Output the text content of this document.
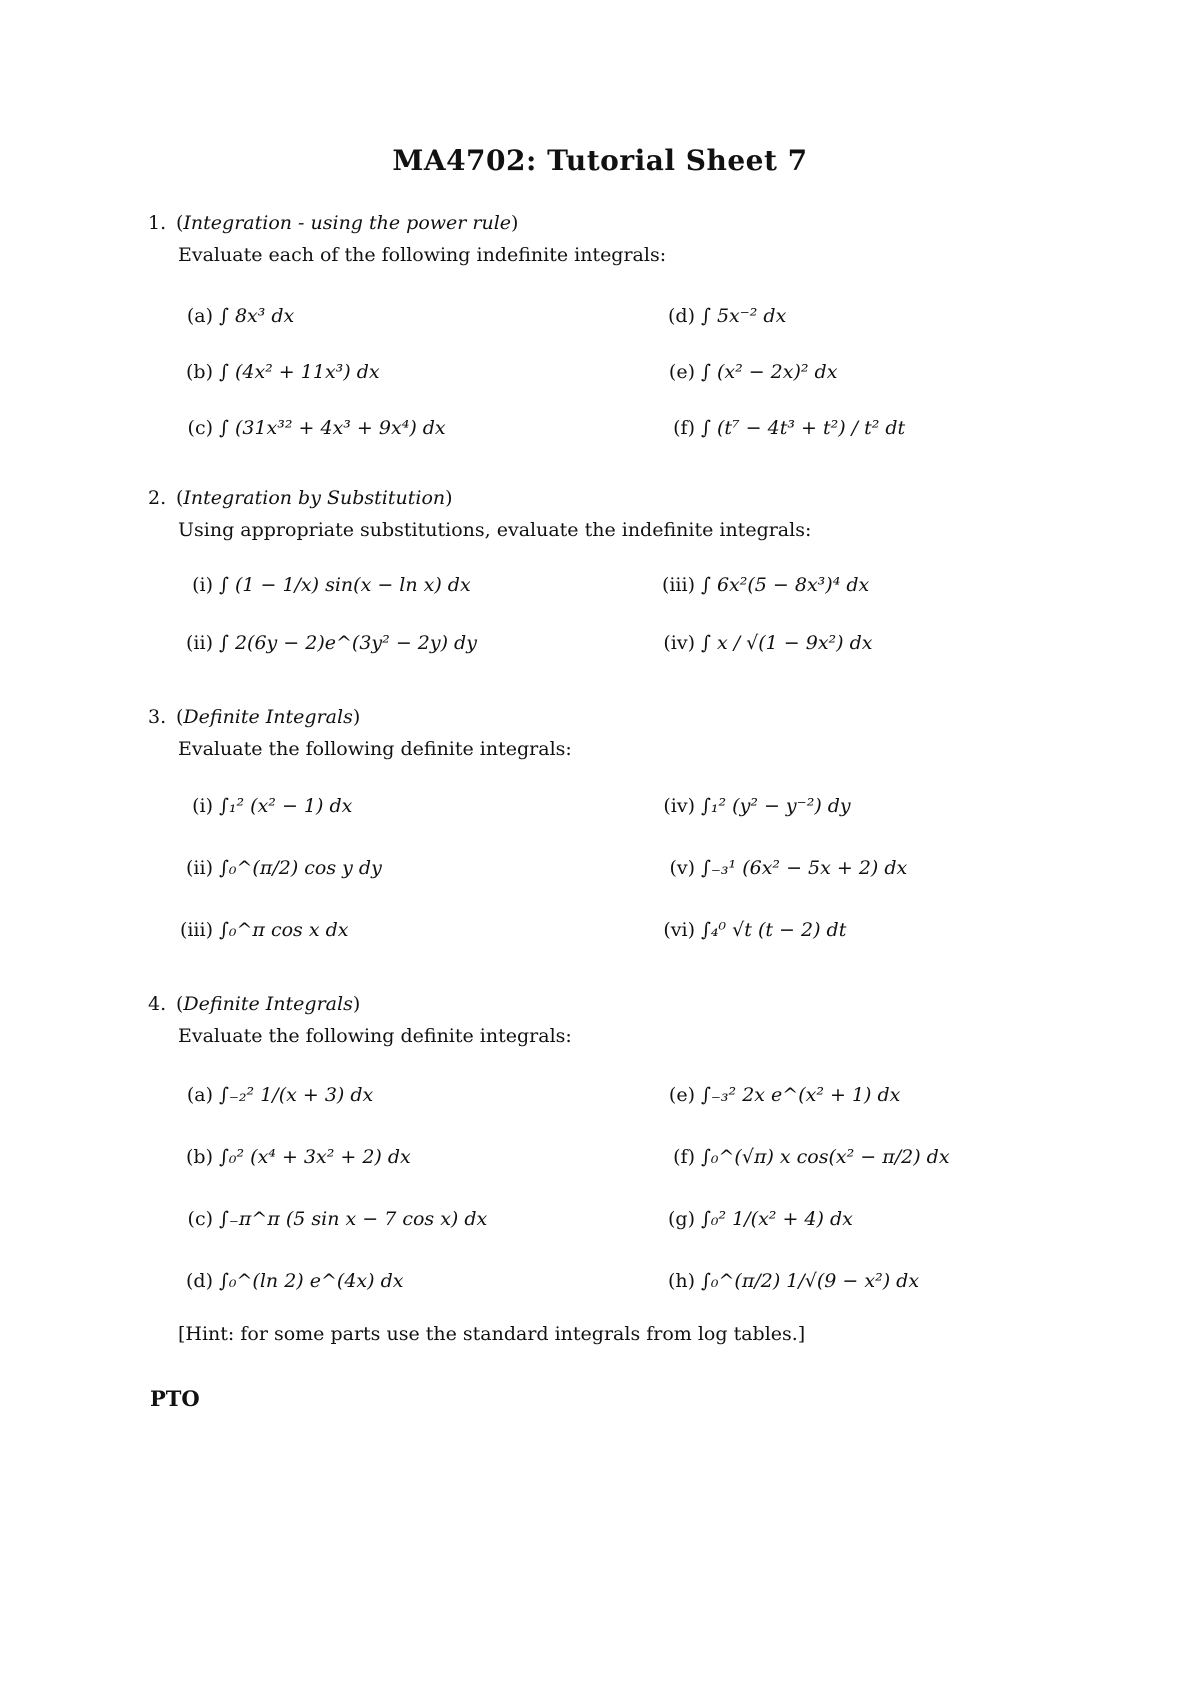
MA4702: Tutorial Sheet 7
1. (Integration - using the power rule)
Evaluate each of the following indefinite integrals:
(a) ∫ 8x³ dx
(b) ∫ (4x² + 11x³) dx
(c) ∫ (31x³² + 4x³ + 9x⁴) dx
(d) ∫ 5x⁻² dx
(e) ∫ (x² − 2x)² dx
(f) ∫ (t⁷ − 4t³ + t²) / t² dt
2. (Integration by Substitution)
Using appropriate substitutions, evaluate the indefinite integrals:
(i) ∫ (1 − 1/x) sin(x − ln x) dx
(ii) ∫ 2(6y − 2)e^(3y² − 2y) dy
(iii) ∫ 6x²(5 − 8x³)⁴ dx
(iv) ∫ x / √(1 − 9x²) dx
3. (Definite Integrals)
Evaluate the following definite integrals:
(i) ∫₁² (x² − 1) dx
(ii) ∫₀^(π/2) cos y dy
(iii) ∫₀^π cos x dx
(iv) ∫₁² (y² − y⁻²) dy
(v) ∫₋₃¹ (6x² − 5x + 2) dx
(vi) ∫₄⁰ √t (t − 2) dt
4. (Definite Integrals)
Evaluate the following definite integrals:
(a) ∫₋₂² 1/(x + 3) dx
(b) ∫₀² (x⁴ + 3x² + 2) dx
(c) ∫₋π^π (5 sin x − 7 cos x) dx
(d) ∫₀^(ln 2) e^(4x) dx
(e) ∫₋₃² 2x e^(x² + 1) dx
(f) ∫₀^(√π) x cos(x² − π/2) dx
(g) ∫₀² 1/(x² + 4) dx
(h) ∫₀^(π/2) 1/√(9 − x²) dx
[Hint: for some parts use the standard integrals from log tables.]
PTO
